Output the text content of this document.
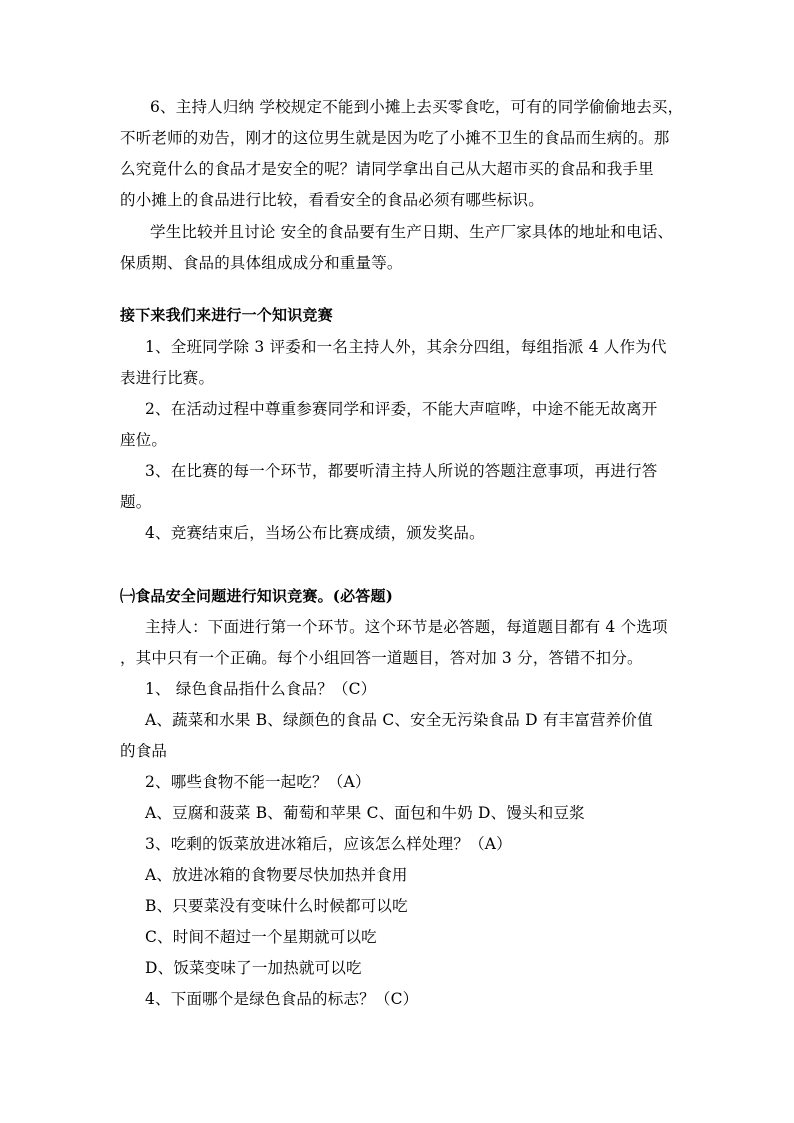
6、主持人归纳 学校规定不能到小摊上去买零食吃，可有的同学偷偷地去买，
不听老师的劝告，刚才的这位男生就是因为吃了小摊不卫生的食品而生病的。那
么究竟什么的食品才是安全的呢？请同学拿出自己从大超市买的食品和我手里
的小摊上的食品进行比较，看看安全的食品必须有哪些标识。
学生比较并且讨论 安全的食品要有生产日期、生产厂家具体的地址和电话、
保质期、食品的具体组成成分和重量等。
接下来我们来进行一个知识竞赛
1、全班同学除 3 评委和一名主持人外，其余分四组，每组指派 4 人作为代
表进行比赛。
2、在活动过程中尊重参赛同学和评委，不能大声喧哗，中途不能无故离开
座位。
3、在比赛的每一个环节，都要听清主持人所说的答题注意事项，再进行答
题。
4、竞赛结束后，当场公布比赛成绩，颁发奖品。
㈠食品安全问题进行知识竞赛。(必答题)
主持人：下面进行第一个环节。这个环节是必答题，每道题目都有 4 个选项
，其中只有一个正确。每个小组回答一道题目，答对加 3 分，答错不扣分。
1、 绿色食品指什么食品？（C）
A、蔬菜和水果 B、绿颜色的食品 C、安全无污染食品 D 有丰富营养价值
的食品
2、哪些食物不能一起吃？（A）
A、豆腐和菠菜 B、葡萄和苹果 C、面包和牛奶 D、馒头和豆浆
3、吃剩的饭菜放进冰箱后，应该怎么样处理？（A）
A、放进冰箱的食物要尽快加热并食用
B、只要菜没有变味什么时候都可以吃
C、时间不超过一个星期就可以吃
D、饭菜变味了一加热就可以吃
4、下面哪个是绿色食品的标志？（C）
